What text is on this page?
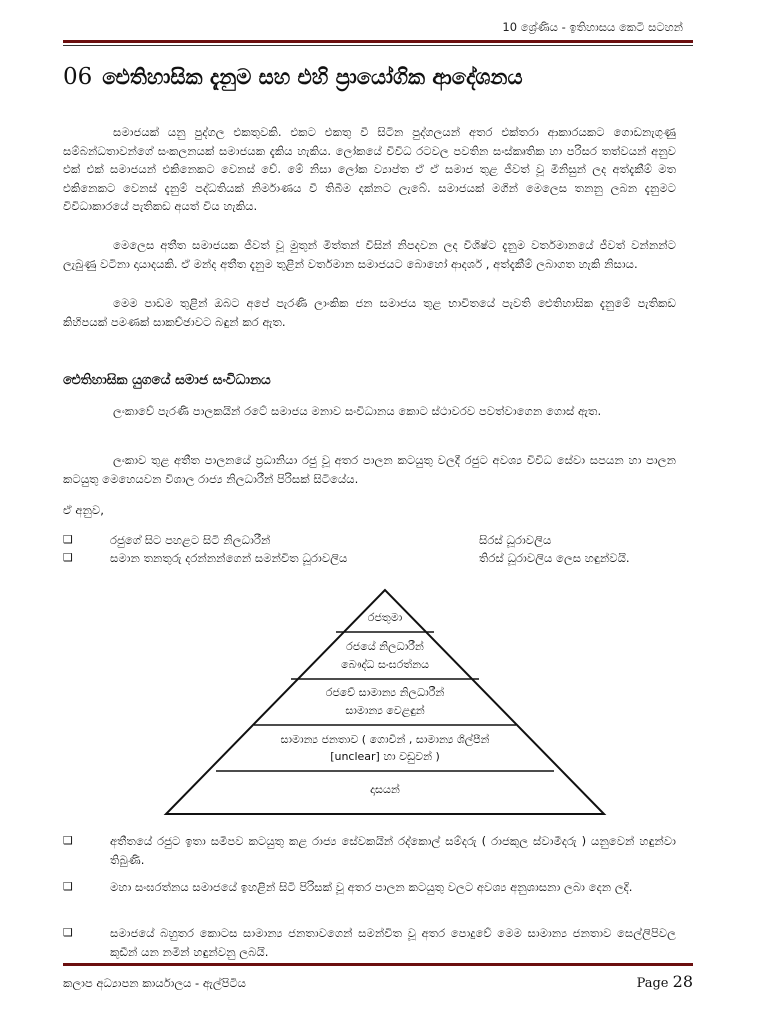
10 ශ්‍රේණිය - ඉතිහාසය කෙටි සටහන්
06 ඓතිහාසික දැනුම සහ එහි ප්‍රායෝගික ආදේශනය

සමාජයක් යනු පුද්ගල එකතුවකි. එකට එකතු වී සිටින පුද්ගලයන් අතර එක්තරා ආකාරයකට ගොඩනැගුණු සම්බන්ධතාවන්ගේ සංකලනයක් සමාජයක දැකිය හැකිය. ලෝකයේ විවිධ රටවල පවතින සංස්කෘතික හා පරිසර තත්වයන් අනුව එක් එක් සමාජයන් එකිනෙකට වෙනස් වේ. මේ නිසා ලෝක ව්‍යාප්ත ඒ ඒ සමාජ තුළ ජීවත් වූ මිනිසුන් ලද අත්දැකීම් මත එකිනෙකට වෙනස් දැනුම් පද්ධතියක් නිර්මාණය වී තිබීම දක්නට ලැබේ. සමාජයක් මගින් මෙලෙස තනනු ලබන දැනුමට විවිධාකාරයේ පැතිකඩ අයත් විය හැකිය.

මෙලෙස අතීත සමාජයක ජීවත් වූ මුතුන් මිත්තන් විසින් නිපදවන ලද විශිෂ්ට දැනුම වර්තමානයේ ජීවත් වන්නන්ට ලැබුණු වටිනා දායාදයකි. ඒ මන්ද අතීත දැනුම තුළින් වර්තමාන සමාජයට බොහෝ ආදර්ශ , අත්දැකීම් ලබාගත හැකි නිසාය.

මෙම පාඩම තුළින් ඔබට අපේ පැරණි ලාංකික ජන සමාජය තුළ භාවිතයේ පැවති ඓතිහාසික දැනුමේ පැතිකඩ කිහිපයක් පමණක් සාකච්ඡාවට බඳුන් කර ඇත.

ඓතිහාසික යුගයේ සමාජ සංවිධානය

ලංකාවේ පැරණි පාලකයින් රටේ සමාජය මනාව සංවිධානය කොට ස්ථාවරව පවත්වාගෙන ගොස් ඇත.

ලංකාව තුළ අතීත පාලනයේ ප්‍රධානියා රජු වූ අතර පාලන කටයුතු වලදී රජුට අවශ්‍ය විවිධ සේවා සපයන හා පාලන කටයුතු මෙහෙයවන විශාල රාජ්‍ය නිලධාරීන් පිරිසක් සිටියේය.

ඒ අනුව,
❑	රජුගේ සිට පහළට සිටි නිලධාරීන්	සිරස් ධූරාවලිය
❑	සමාන තනතුරු දරන්නන්ගෙන් සමන්විත ධූරාවලිය	තිරස් ධූරාවලිය ලෙස හඳුන්වයි.
රජතුමා
රජයේ නිලධාරීන්
බෞද්ධ සංඝරත්නය
රජවේ සාමාන්‍ය නිලධාරීන්
සාමාන්‍ය වෙළඳුන්
සාමාන්‍ය ජනතාව ( ගොවීන් , සාමාන්‍ය ශිල්පීන්
[unclear] හා වඩුවන් )
දාසයන්
❑	අතීතයේ රජුට ඉතා සමීපව කටයුතු කළ රාජ්‍ය සේවකයින් රද්කොල් සම්දරු ( රාජකුල ස්වාමීදරු ) යනුවෙන් හඳුන්වා තිබුණි.
❑	මහා සංඝරත්නය සමාජයේ ඉහළින් සිටි පිරිසක් වූ අතර පාලන කටයුතු වලට අවශ්‍ය අනුශාසනා ලබා දෙන ලදි.
❑	සමාජයේ බහුතර කොටස සාමාන්‍ය ජනතාවගෙන් සමන්විත වූ අතර පොදුවේ මෙම සාමාන්‍ය ජනතාව සෙල්ලිපිවල කුඩීන් යන නමින් හඳුන්වනු ලබයි.
කලාප අධ්‍යාපන කාර්යාලය - ඇල්පිටිය	Page 28
